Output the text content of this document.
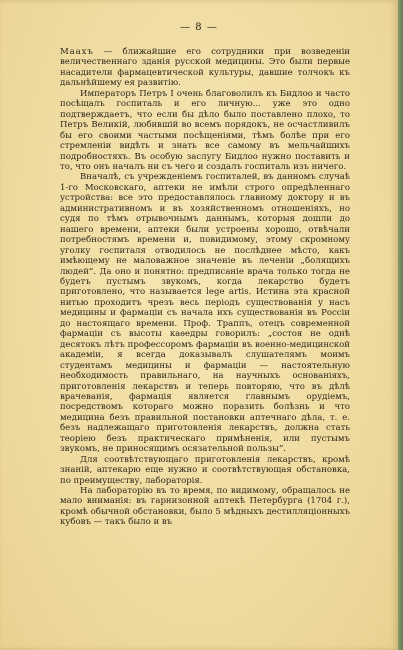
— 8 —

Маахъ — ближайшие его сотрудники при возведеніи величественнаго зданія русской медицины. Это были первые насадители фармацевтической культуры, давшие толчокъ къ дальнѣйшему ея развитію.

Императоръ Петръ I очень благоволилъ къ Бидлоо и часто посѣщалъ госпиталь и его личную... уже это одно подтверждаетъ, что если бы дѣло было поставлено плохо, то Петръ Великій, любившій во всемъ порядокъ, не осчастливилъ бы его своими частыми посѣщеніями, тѣмъ болѣе при его стремленіи видѣть и знать все самому въ мельчайшихъ подробностяхъ. Въ особую заслугу Бидлоо нужно поставить и то, что онъ началъ ни съ чего и создалъ госпиталь изъ ничего.

Вначалѣ, съ учрежденіемъ госпиталей, въ данномъ случаѣ 1-го Московскаго, аптеки не имѣли строго опредѣленнаго устройства: все это предоставлялось главному доктору и въ административномъ и въ хозяйственномъ отношеніяхъ, но судя по тѣмъ отрывочнымъ даннымъ, которыя дошли до нашего времени, аптеки были устроены хорошо, отвѣчали потребностямъ времени и, повидимому, этому скромному уголку госпиталя отводилось не послѣднее мѣсто, какъ имѣющему не маловажное значеніе въ леченіи „болящихъ людей“. Да оно и понятно: предписаніе врача только тогда не будетъ пустымъ звукомъ, когда лекарство будетъ приготовлено, что называется lege artis. Истина эта красной нитью проходитъ чрезъ весь періодъ существованія у насъ медицины и фармаціи съ начала ихъ существованія въ Россіи до настоящаго времени. Проф. Траппъ, отецъ современной фармаціи съ высоты каѳедры говорилъ: „состоя не однѣ десятокъ лѣтъ профессоромъ фармаціи въ военно-медицинской академіи, я всегда доказывалъ слушателямъ моимъ студентамъ медицины и фармаціи — настоятельную необходимость правильнаго, на научныхъ основаніяхъ, приготовленія лекарствъ и теперь повторяю, что въ дѣлѣ врачеванія, фармація является главнымъ орудіемъ, посредствомъ котораго можно поразить болѣзнь и что медицина безъ правильной постановки аптечнаго дѣла, т. е. безъ надлежащаго приготовленія лекарствъ, должна стать теоріею безъ практическаго примѣненія, или пустымъ звукомъ, не приносящимъ осязательной пользы“.

Для соотвѣтствующаго приготовленія лекарствъ, кромѣ знаній, аптекарю еще нужно и соотвѣтствующая обстановка, по преимуществу, лабораторія.

На лабораторію въ то время, по видимому, обращалось не мало вниманія: въ гарнизонной аптекѣ Петербурга (1704 г.), кромѣ обычной обстановки, было 5 мѣдныхъ дестилляціонныхъ кубовъ — такъ было и въ
